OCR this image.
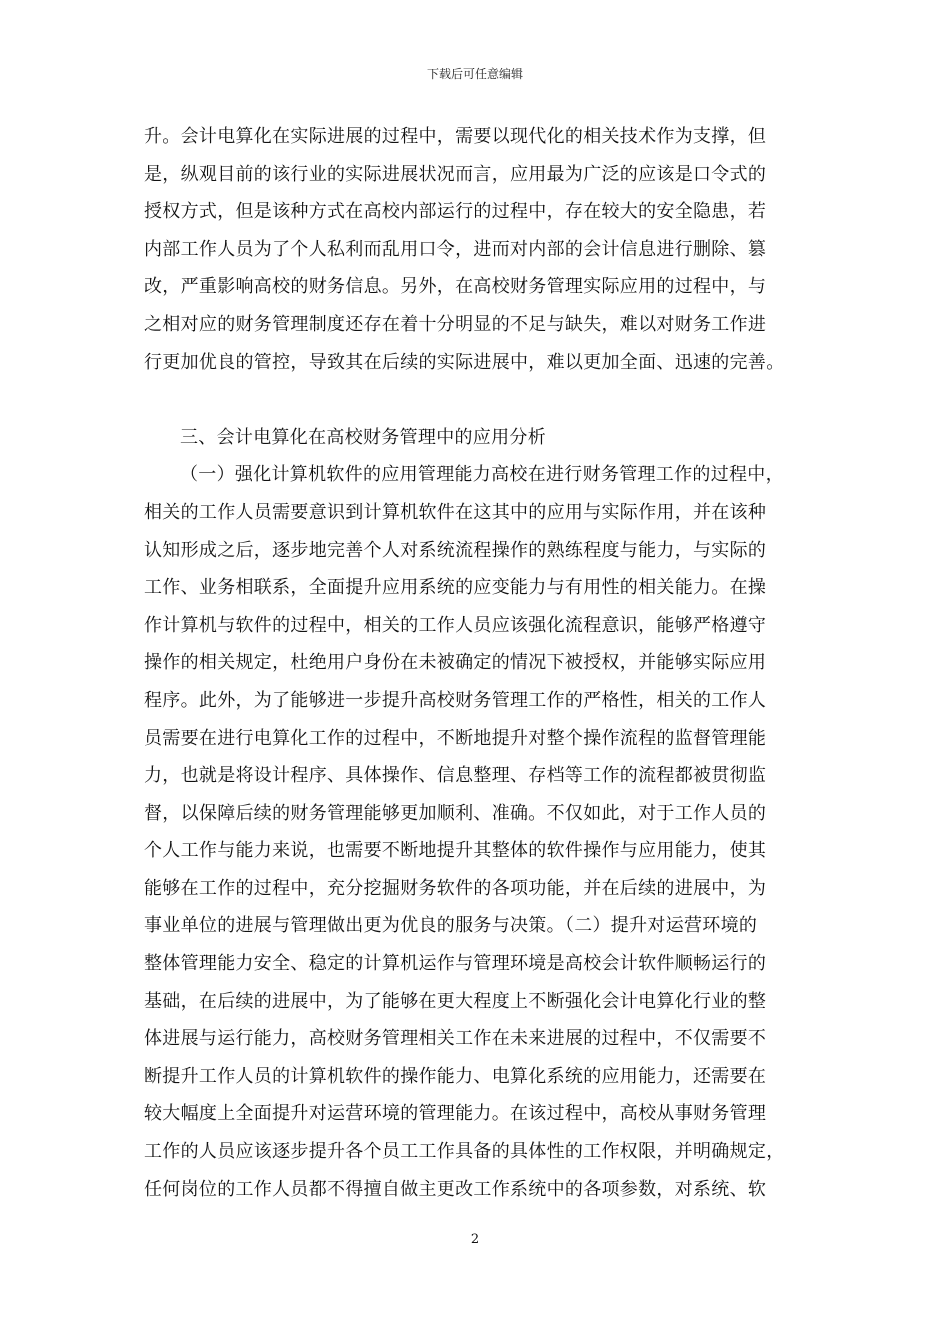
下载后可任意编辑
升。会计电算化在实际进展的过程中，需要以现代化的相关技术作为支撑，但
是，纵观目前的该行业的实际进展状况而言，应用最为广泛的应该是口令式的
授权方式，但是该种方式在高校内部运行的过程中，存在较大的安全隐患，若
内部工作人员为了个人私利而乱用口令，进而对内部的会计信息进行删除、篡
改，严重影响高校的财务信息。另外，在高校财务管理实际应用的过程中，与
之相对应的财务管理制度还存在着十分明显的不足与缺失，难以对财务工作进
行更加优良的管控，导致其在后续的实际进展中，难以更加全面、迅速的完善。
三、会计电算化在高校财务管理中的应用分析
（一）强化计算机软件的应用管理能力高校在进行财务管理工作的过程中，
相关的工作人员需要意识到计算机软件在这其中的应用与实际作用，并在该种
认知形成之后，逐步地完善个人对系统流程操作的熟练程度与能力，与实际的
工作、业务相联系，全面提升应用系统的应变能力与有用性的相关能力。在操
作计算机与软件的过程中，相关的工作人员应该强化流程意识，能够严格遵守
操作的相关规定，杜绝用户身份在未被确定的情况下被授权，并能够实际应用
程序。此外，为了能够进一步提升高校财务管理工作的严格性，相关的工作人
员需要在进行电算化工作的过程中，不断地提升对整个操作流程的监督管理能
力，也就是将设计程序、具体操作、信息整理、存档等工作的流程都被贯彻监
督，以保障后续的财务管理能够更加顺利、准确。不仅如此，对于工作人员的
个人工作与能力来说，也需要不断地提升其整体的软件操作与应用能力，使其
能够在工作的过程中，充分挖掘财务软件的各项功能，并在后续的进展中，为
事业单位的进展与管理做出更为优良的服务与决策。（二）提升对运营环境的
整体管理能力安全、稳定的计算机运作与管理环境是高校会计软件顺畅运行的
基础，在后续的进展中，为了能够在更大程度上不断强化会计电算化行业的整
体进展与运行能力，高校财务管理相关工作在未来进展的过程中，不仅需要不
断提升工作人员的计算机软件的操作能力、电算化系统的应用能力，还需要在
较大幅度上全面提升对运营环境的管理能力。在该过程中，高校从事财务管理
工作的人员应该逐步提升各个员工工作具备的具体性的工作权限，并明确规定，
任何岗位的工作人员都不得擅自做主更改工作系统中的各项参数，对系统、软
2
